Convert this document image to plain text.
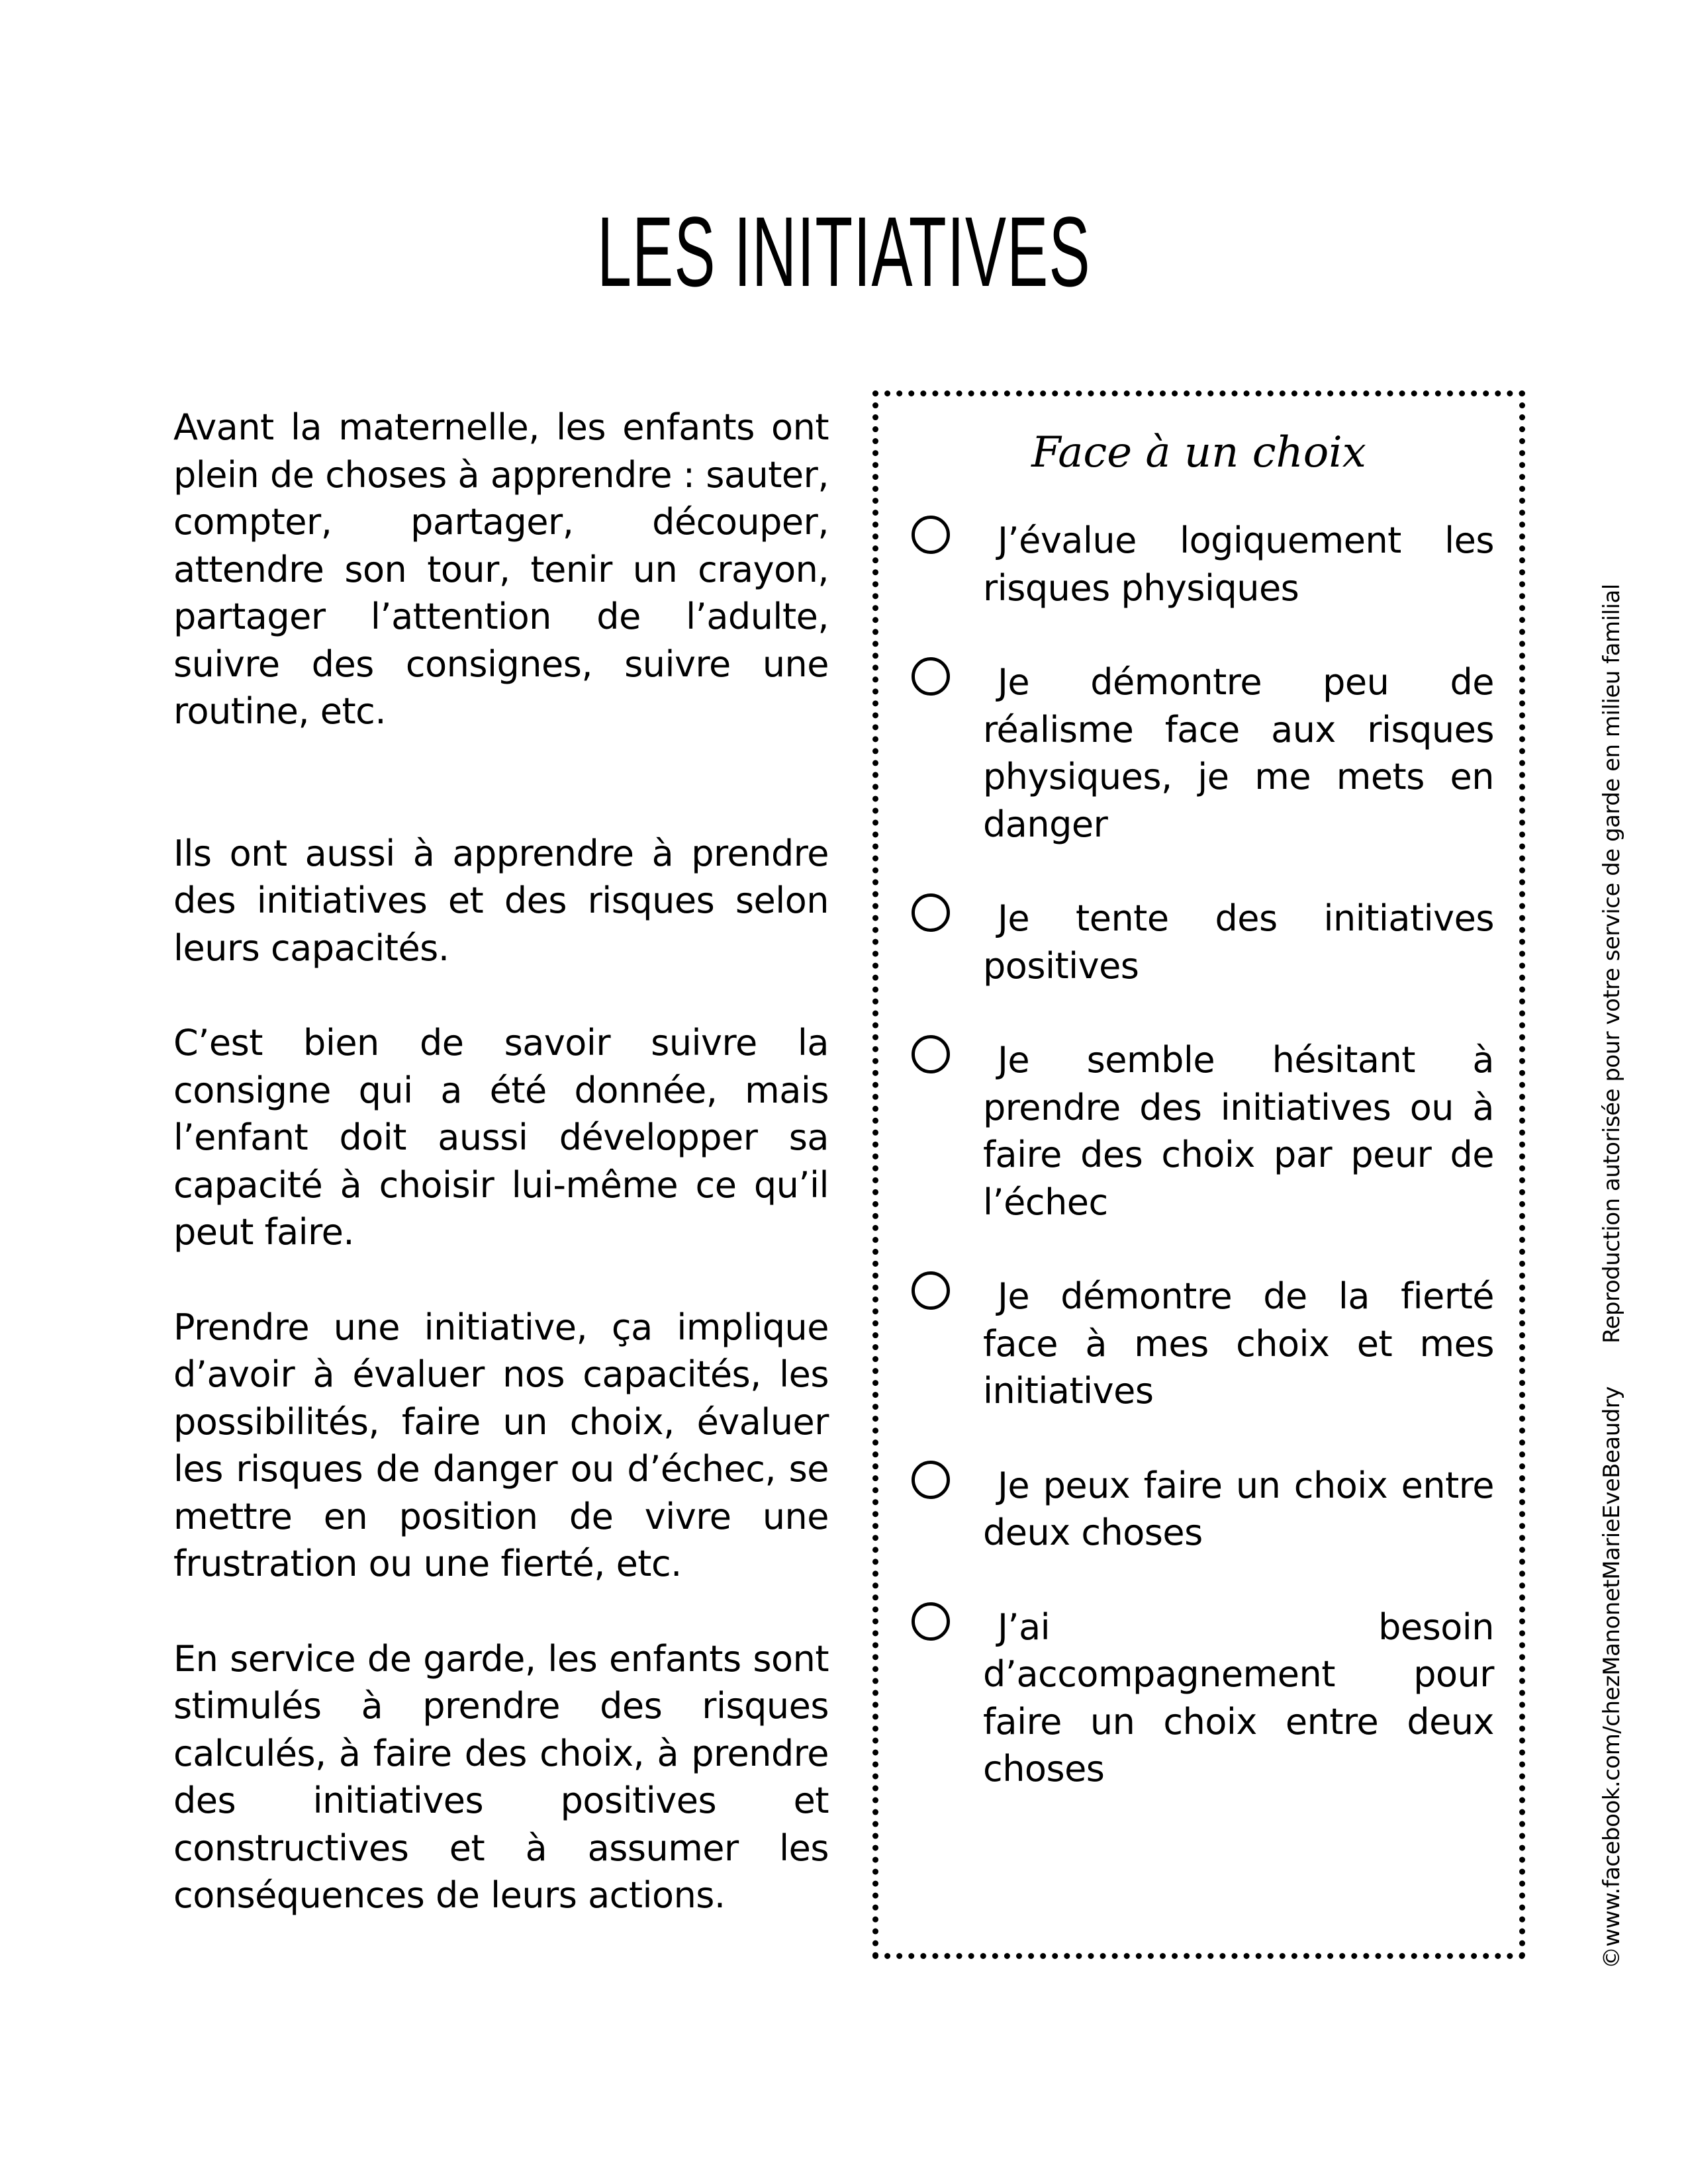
LES INITIATIVES

Avant la maternelle, les enfants ont plein de choses à apprendre : sauter, compter, partager, découper, attendre son tour, tenir un crayon, partager l’attention de l’adulte, suivre des consignes, suivre une routine, etc.

Ils ont aussi à apprendre à prendre des initiatives et des risques selon leurs capacités.

C’est bien de savoir suivre la consigne qui a été donnée, mais l’enfant doit aussi développer sa capacité à choisir lui-même ce qu’il peut faire.

Prendre une initiative, ça implique d’avoir à évaluer nos capacités, les possibilités, faire un choix, évaluer les risques de danger ou d’échec, se mettre en position de vivre une frustration ou une fierté, etc.

En service de garde, les enfants sont stimulés à prendre des risques calculés, à faire des choix, à prendre des initiatives positives et constructives et à assumer les conséquences de leurs actions.

Face à un choix
J’évalue logiquement les risques physiques
Je démontre peu de réalisme face aux risques physiques, je me mets en danger
Je tente des initiatives positives
Je semble hésitant à prendre des initiatives ou à faire des choix par peur de l’échec
Je démontre de la fierté face à mes choix et mes initiatives
Je peux faire un choix entre deux choses
J’ai besoin d’accompagnement pour faire un choix entre deux choses
Reproduction autorisée pour votre service de garde en milieu familial
©www.facebook.com/chezManonetMarieEveBeaudry
